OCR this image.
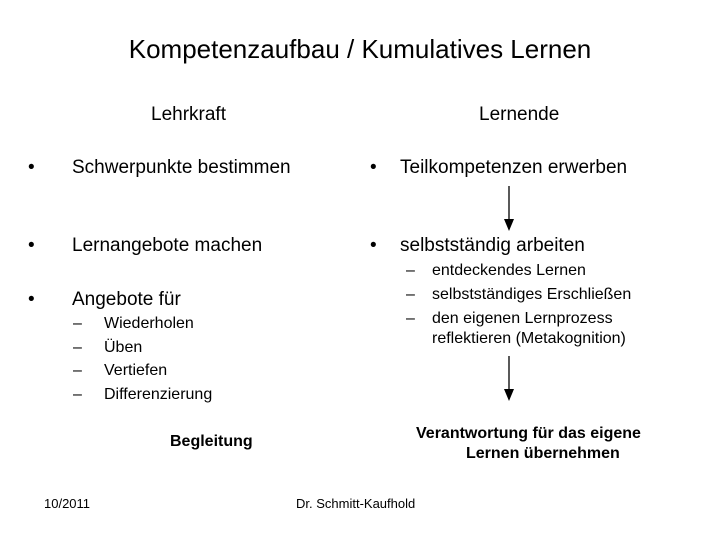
Kompetenzaufbau / Kumulatives Lernen
Lehrkraft	Lernende
• Schwerpunkte bestimmen
• Lernangebote machen
• Angebote für
– Wiederholen
– Üben
– Vertiefen
– Differenzierung
Begleitung
• Teilkompetenzen erwerben
• selbstständig arbeiten
– entdeckendes Lernen
– selbstständiges Erschließen
– den eigenen Lernprozess
reflektieren (Metakognition)
Verantwortung für das eigene
Lernen übernehmen
10/2011	Dr. Schmitt-Kaufhold
